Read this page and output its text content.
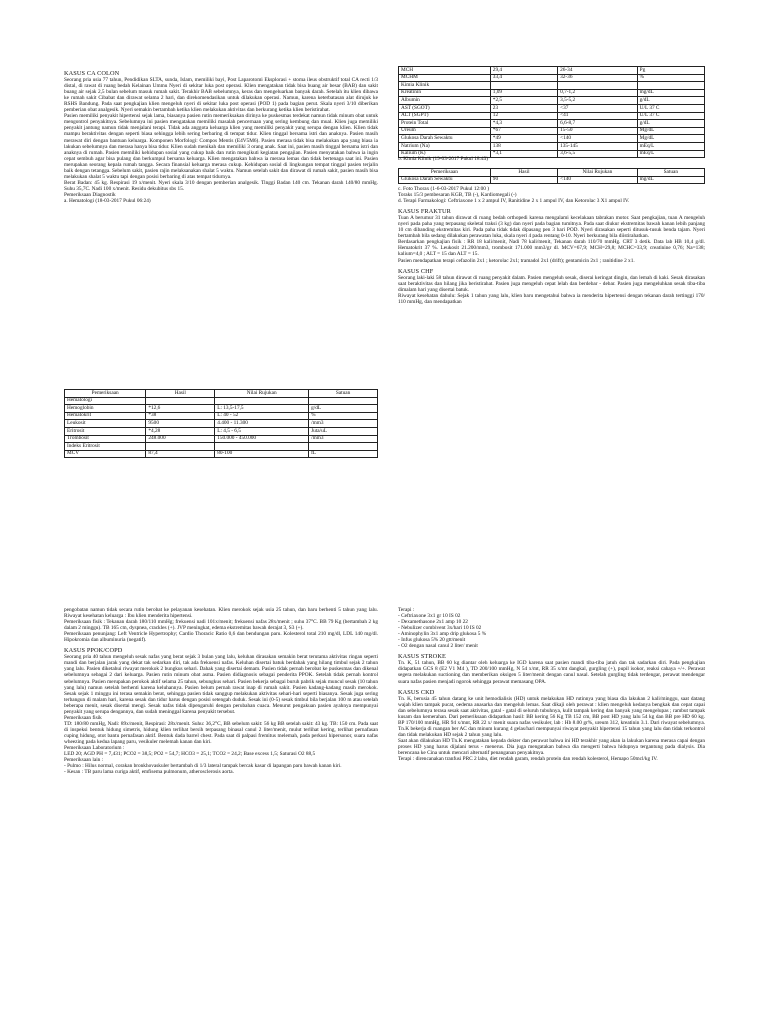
KASUS CA COLON

Seorang pria usia 77 tahun, Pendidikan SLTA, sunda, Islam, memiliki bayi, Post Laparotomi Eksplorasi + stoma ileus obstruktif total CA recti 1/3 distal, di rawat di ruang bedah Kelainan Ummu Nyeri di sekitar luka post operasi. Klien mengatakan tidak bisa buang air besar (BAB) dan sakit buang air sejak 2,5 bulan sebelum masuk rumah sakit. Terakhir BAB sebelumnya, keras dan mengeluarkan banyak darah. Setelah itu klien dibawa ke rumah sakit Cibabat dan dirawat selama 2 hari, dan direkomendasikan untuk dilakukan operasi. Namun, karena keterbatasan alat dirujuk ke RSHS Bandung. Pada saat pengkajian klien mengeluh nyeri di sekitar luka post operasi (POD 1) pada bagian perut. Skala nyeri 3/10 diberikan pemberian obat analgesik. Nyeri semakin bertambah ketika klien melakukan aktivitas dan berkurang ketika klien beristirahat.

Pasien memiliki penyakit hipertensi sejak lama, biasanya pasien rutin memeriksakan dirinya ke puskesmas terdekat namun tidak minum obat untuk mengontrol penyakitnya. Sebelumnya ini pasien mengatakan memiliki masalah pencernaan yang sering kembung dan mual. Klien juga memiliki penyakit jantung namun tidak menjalani terapi. Tidak ada anggota keluarga klien yang memiliki penyakit yang serupa dengan klien. Klien tidak mampu beraktivitas dengan seperti biasa sehingga lebih sering berbaring di tempat tidur. Klien tinggal bersama istri dan anaknya. Pasien masih merawat diri dengan bantuan keluarga. Komponen Morfologi: Compos Mentis (E4V5M6). Pasien merasa tidak bisa melakukan apa yang biasa ia lakukan sebelumnya dan merasa hanya bisa tidur. Klien sudah menikah dan memiliki 3 orang anak. Saat ini, pasien masih tinggal bersama istri dan anaknya di rumah. Pasien memiliki kehidupan sosial yang cukup baik dan rutin mengikuti kegiatan pengajian. Pasien menyatakan bahwa ia ingin cepat sembuh agar bisa pulang dan berkumpul bersama keluarga. Klien mengatakan bahwa ia merasa lemas dan tidak bertenaga saat ini. Pasien merupakan seorang kepala rumah tangga. Secara finansial keluarga merasa cukup. Kehidupan sosial di lingkungan tempat tinggal pasien terjalin baik dengan tetangga. Sebelum sakit, pasien rajin melaksanakan shalat 5 waktu. Namun setelah sakit dan dirawat di rumah sakit, pasien masih bisa melakukan shalat 5 waktu tapi dengan posisi berbaring di atas tempat tidurnya.

Berat Badan: 45 kg. Respirasi 19 x/menit. Nyeri skala 3/10 dengan pemberian analgesik. Tinggi Badan 140 cm. Tekanan darah 140/80 mmHg. Suhu 35,7C. Nadi 100 x/menit. Residu dekubitus sbs 15.

Pemeriksaan Diagnostik

a. Hematologi (18-03-2017 Pukul 06:24)

Pemeriksaan	Hasil	Nilai Rujukan	Satuan
Hematologi			
Hemoglobin	*12,6	L: 13,5-17,5	g/dL
Hematokrit	*38	L: 40 - 52	%
Leukosit	9500	4.400 - 11.300	/mm3
Eritrosit	*4,28	L: 4,5 - 6,5	Juta/uL
Trombosit	248.000	150.000 - 450.000	/mm3
Indeks Eritrosit			
MCV	87,4	80-100	fL
MCH	29,4	26-34	Pg
MCHM	33,4	32-36	%
Kimia Klinik			
Kreatinin	1,09	0,7-1,2	mg/dL
Albumin	*2,5	3,5-5,2	g/dL
AST (SGOT)	23	<37	U/L 37 C
ALT (SGPT)	12	<41	U/L 37 C
Protein Total	*4,3	6,6-8,7	g/dL
Ureum	*67	15-50	Mg/dL
Glukosa Darah Sewaktu	*49	<140	Mg/dL
Natrium (Na)	138	135-145	mEq/L
Kalium (K)	*3,1	3,6-5,5	mEq/L
b. Kimia Klinik (19-03-2017 Pukul 18:43)
Pemeriksaan	Hasil	Nilai Rujukan	Satuan
Glukosa Darah Sewaktu	90	<140	mg/dL

c. Foto Thorax (1-6-03-2017 Pukul 12:00 )

Toraks 15/3 pembesaran KGB, TB (-), Kardiomegali (-)

d. Terapi Farmakologi: Ceftriaxone 1 x 2 ampul IV, Ranitidine 2 x 1 ampul IV, dan Ketorolac 3 X1 ampul IV.

KASUS FRAKTUR

Tuan A berumur 31 tahun dirawat di ruang bedah orthopedi karena mengalami kecelakaan tabrakan motor. Saat pengkajian, tuan A mengeluh nyeri pada paha yang terpasang skeletal traksi (3 kg) dan nyeri pada bagian tumitnya. Pada saat diukur ekstremitas bawah kanan lebih panjang 10 cm dibanding ekstremitas kiri. Pada paha tidak tidak dipasang pen 3 hari POD. Nyeri dirasakan seperti ditusuk-tusuk benda tajam. Nyeri bertambah bila sedang dilakukan perawatan luka, skala nyeri 4 pada rentang 0-10. Nyeri berkurang bila diistirahatkan.

Berdasarkan pengkajian fisik : RR 18 kali/menit, Nadi 78 kali/menit, Tekanan darah 110/70 mmHg. CRT 3 detik. Data lab HB 10,4 g/dl. Hematokrit 37 %. Leukosit 21.200/mm3, trombosit 171.000 mm3/gr dl. MCV=67,9; MCH=29,8; MCHC=33,9; creatinine 0,76; Na=138; kalium=4,0 ; ALT = 15 dan ALT = 15.

Pasien mendapatkan terapi cefazolin 2x1 ; ketorolac 2x1; tramadol 2x1 (drift); gentamicin 2x1 ; ranitidine 2 x1.

KASUS CHF

Seorang laki-laki 58 tahun dirawat di ruang penyakit dalam. Pasien mengeluh sesak, diserai keringat dingin, dan lemah di kaki. Sesak dirasakan saat beraktivitas dan hilang jika beristirahat. Pasien juga mengeluh cepat lelah dan berdebar - debar. Pasien juga mengeluhkan sesak tiba-tiba dimalam hari yang disertai batuk.

Riwayat kesehatan dahulu: Sejak 1 tahun yang lalu, klien baru mengetahui bahwa ia menderita hipertensi dengan tekanan darah tertinggi 170/ 110 mmHg, dan mendapatkan

pengobatan namun tidak secara rutin berobat ke pelayanan kesehatan. Klien merokok sejak usia 25 tahun, dan baru berhenti 5 tahun yang lalu. Riwayat kesehatan keluarga : Ibu klien menderita hipertensi.

Pemeriksaan fisik : Tekanan darah 180/110 mmHg; frekuensi nadi 101x/menit; frekuensi nafas 28x/menit ; suhu 37°C. BB 79 Kg (bertambah 2 kg dalam 2 minggu). TB 165 cm, dyspnea, crackles (+). JVP meningkat, edema ekstremitas bawah derajat 3, S3 (+).

Pemeriksaan penunjang: Left Ventricle Hypertrophy; Cardio Thoracic Ratio 0,6 dan bendungan paru. Kolesterol total 210 mg/dl, LDL 140 mg/dl. Hipokromia dan albuminuria (negatif).

KASUS PPOK/COPD

Seorang pria 40 tahun mengeluh sesak nafas yang berat sejak 3 bulan yang lalu, keluhan dirasakan semakin berat terutama aktivitas ringan seperti mandi dan berjalan jarak yang dekat tak sedarkan diri, tak ada frekuensi nafas. Keluhan disertai batuk berdahak yang hilang timbul sejak 2 tahun yang lalu. Pasien diketahui riwayat merokok 2 bungkus sehari. Dahak yang disertai demam. Pasien tidak pernah berobat ke puskesmas dan dikenal sebelumnya sebagai 2 dari keluarga. Pasien rutin minum obat asma. Pasien didiagnosis sebagai penderita PPOK. Setelah tidak pernah kontrol sebelumnya. Pasien merupakan perokok aktif selama 25 tahun, sebungkus sehari. Pasien bekerja sebagai buruh pabrik sejak muncul sesak (10 tahun yang lalu) namun setelah berhenti karena keluhannya. Pasien belum pernah rawat inap di rumah sakit. Pasien kadang-kadang masih merokok. Sesak sejak 1 minggu ini terasa semakin berat, sehingga pasien tidak sanggup melakukan aktivitas sehari-hari seperti biasanya. Sesak juga sering terbangun di malam hari, karena sesak dan tidur harus dengan posisi setengah duduk. Sesak ini (0-5) sesak timbul bila berjalan 100 m atau setelah beberapa menit, sesak disertai mengi. Sesak nafas tidak dipengaruhi dengan perubahan cuaca. Menurut pengakuan pasien ayahnya mempunyai penyakit yang serupa dengannya, dan sudah meninggal karena penyakit tersebut.

Pemeriksaan fisik

TD: 180/80 mmHg, Nadi: 89x/menit, Respirasi: 28x/menit. Suhu: 36,2°C, BB sebelum sakit: 56 kg BB setelah sakit: 43 kg. TB: 150 cm. Pada saat di inspeksi bentuk hidung simetris, hidung klien terlihat bersih terpasang binasal canul 2 liter/menit, mulut terlihat kering, terlihat pernafasan cuping hidung, otot bantu pernafasan aktif. Bentuk dada barrel chest. Pada saat di palpasi fremitus melemah, pada perkusi hipersonor, suara nafas wheezing pada kedua lapang paru, vesikuler melemah kanan dan kiri.

Pemeriksaan Laboratorium :

LED 20; AGD PH = 7,431; PCO2 = 38,5; PO2 = 54,7; HCO3 = 25,1; TCO2 = 24,2; Base excess 1,5; Saturasi O2 88,5

Pemeriksaan lain :

- Pulmo : Hilus normal, corakan bronkhovaskuler bertambah di 1/3 lateral tampak bercak kasar di lapangan paru bawah kanan kiri.

- Kesan : TB paru lama curiga aktif, emfisema pulmonum, atherosclerosis aorta.

Terapi :

- Ceftriaxone 3x1 gr 10 IS 02

- Dexamethasone 2x1 amp 10 22

- Nebulizer combivent 3x/hari 10 IS 02

- Aminophylin 3x1 amp drip glukosa 5 %

- Infus glukosa 5% 20 gtt/menit

- O2 dengan nasal canul 2 liter/ menit

KASUS STROKE

Tn. K, 51 tahun, BB 60 kg diantar oleh keluarga ke IGD karena saat pasien mandi tiba-tiba jatuh dan tak sadarkan diri. Pada pengkajian didapatkan GCS 8 (E2 V1 M4 ), TD 200/100 mmHg, N 54 x/mt, RR 35 x/mt dangkal, gurgling (+), pupil isokor, reaksi cahaya +/+. Perawat segera melakukan suctioning dan memberikan oksigen 5 liter/menit dengan canul nasal. Setelah gurgling tidak terdengar, perawat mendengar suara nafas pasien menjadi ngorok sehingga perawat memasang OPA.

KASUS CKD

Tn. K, berusia 45 tahun datang ke unit hemodialisis (HD) untuk melakukan HD rutinnya yang biasa dia lakukan 2 kali/minggu, saat datang wajah klien tampak pucat, oedema anasarka dan mengeluh lemas. Saat dikaji oleh perawat : klien mengeluh kedanya bengkak dan cepat capai dan sebelumnya terasa sesak saat aktivitas, gatal - gatal di seluruh tubuhnya, kulit tampak kering dan banyak yang mengelupas ; rambut tampak kusam dan kemerahan. Dari pemeriksaan didapatkan hasil: BB kering 56 Kg TB 152 cm, BB post HD yang lalu 54 kg dan BB pre HD 60 kg. BP 170/100 mmHg, HR 94 x/mnt, RR 22 x/ menit suara nafas vesikuler, lab : Hb 8.00 gr%, ureum 312, kreatinin 3.1. Dari riwayat sebelumnya. Tn.K bekerja di ruangan ber AC dan minum kurang 4 gelas/hari mempunyai riwayat penyakit hipertensi 15 tahun yang lalu dan tidak terkontrol dan tidak melakukan HD sejak 2 tahun yang lalu.

Saat akan dilakukan HD Tn.K mengatakan kepada dokter dan perawat bahwa ini HD terakhir yang akan ia lakukan karena merasa capai dengan proses HD yang harus dijalani terus - menerus. Dia juga mengatakan bahwa dia mengerti bahwa hidupnya tergantung pada dialysis. Dia berencana ke Cina untuk mencari alternatif penanganan penyakitnya.

Terapi : direncanakan tranfusi PRC 2 labu, diet rendah garam, rendah protein dan rendah kolesterol, Hemapo 50mcl/kg IV.
